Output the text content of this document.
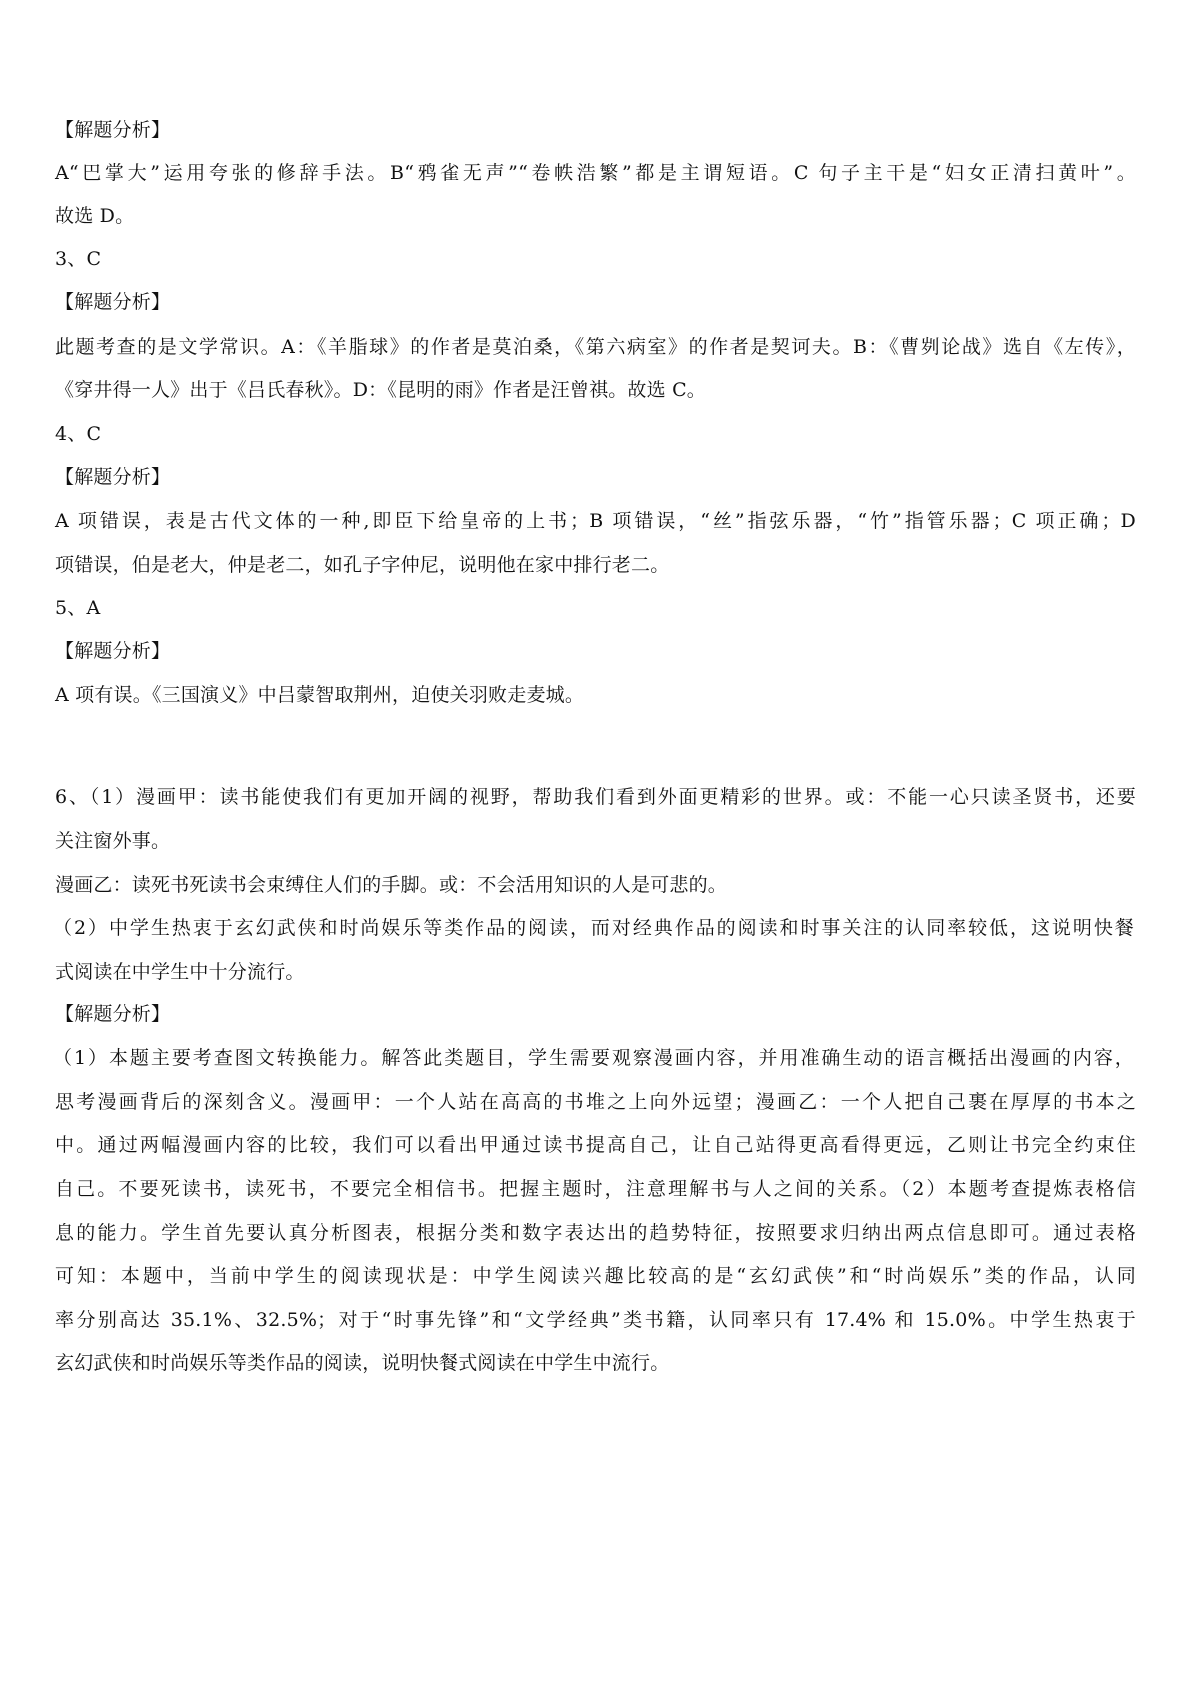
【解题分析】
A“巴掌大”运用夸张的修辞手法。B“鸦雀无声”“卷帙浩繁”都是主谓短语。C 句子主干是“妇女正清扫黄叶”。
故选 D。
3、C
【解题分析】
此题考查的是文学常识。A：《羊脂球》的作者是莫泊桑，《第六病室》的作者是契诃夫。B：《曹刿论战》选自《左传》，
《穿井得一人》出于《吕氏春秋》。D：《昆明的雨》作者是汪曾祺。故选 C。
4、C
【解题分析】
A 项错误，表是古代文体的一种,即臣下给皇帝的上书；B 项错误，“丝”指弦乐器，“竹”指管乐器；C 项正确；D
项错误，伯是老大，仲是老二，如孔子字仲尼，说明他在家中排行老二。
5、A
【解题分析】
A 项有误。《三国演义》中吕蒙智取荆州，迫使关羽败走麦城。
6、（1）漫画甲：读书能使我们有更加开阔的视野，帮助我们看到外面更精彩的世界。或：不能一心只读圣贤书，还要
关注窗外事。
漫画乙：读死书死读书会束缚住人们的手脚。或：不会活用知识的人是可悲的。
（2）中学生热衷于玄幻武侠和时尚娱乐等类作品的阅读，而对经典作品的阅读和时事关注的认同率较低，这说明快餐
式阅读在中学生中十分流行。
【解题分析】
（1）本题主要考查图文转换能力。解答此类题目，学生需要观察漫画内容，并用准确生动的语言概括出漫画的内容，
思考漫画背后的深刻含义。漫画甲：一个人站在高高的书堆之上向外远望；漫画乙：一个人把自己裹在厚厚的书本之
中。通过两幅漫画内容的比较，我们可以看出甲通过读书提高自己，让自己站得更高看得更远，乙则让书完全约束住
自己。不要死读书，读死书，不要完全相信书。把握主题时，注意理解书与人之间的关系。（2）本题考查提炼表格信
息的能力。学生首先要认真分析图表，根据分类和数字表达出的趋势特征，按照要求归纳出两点信息即可。通过表格
可知：本题中，当前中学生的阅读现状是：中学生阅读兴趣比较高的是“玄幻武侠”和“时尚娱乐”类的作品，认同
率分别高达 35.1%、32.5%；对于“时事先锋”和“文学经典”类书籍，认同率只有 17.4% 和 15.0%。中学生热衷于
玄幻武侠和时尚娱乐等类作品的阅读，说明快餐式阅读在中学生中流行。
